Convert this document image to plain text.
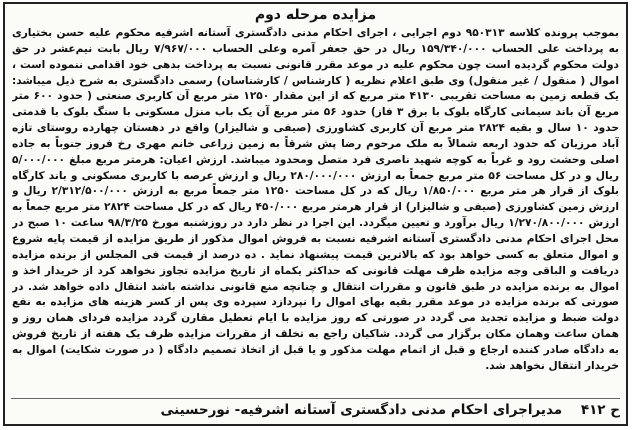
مزایده مرحله دوم

بموجب پرونده کلاسه ۹۵۰۳۱۳ دوم اجرایی ، اجرای احکام مدنی دادگستری آستانه اشرفیه محکوم علیه حسن بختیاری به پرداخت علی الحساب ۱۵۹/۳۴۰/۰۰۰ ریال در حق جعفر آمره وعلی الحساب ۷/۹۶۷/۰۰۰ ریال بابت نیم‌عشر در حق دولت محکوم گردیده است چون محکوم علیه در موعد مقرر قانونی نسبت به پرداخت بدهی خود اقدامی ننموده است ، اموال ( منقول / غیر منقول) وی طبق اعلام نظریه ( کارشناس / کارشناسان) رسمی دادگستری به شرح ذیل میباشد: یک قطعه زمین به مساحت تقریبی ۴۱۳۰ متر مربع که از این مقدار ۱۲۵۰ متر مربع آن کاربری صنعتی ( حدود ۶۰۰ متر مربع آن باند سیمانی کارگاه بلوک با برق ۳ فاز) حدود ۵۶ متر مربع آن یک باب منزل مسکونی با سنگ بلوک با قدمتی حدود ۱۰ سال و بقیه ۲۸۲۴ متر مربع آن کاربری کشاورزی (صیفی و شالیزار) واقع در دهستان چهارده روستای تازه آباد مرزیان که حدود اربعه شمالاً به ملک مرحوم رضا پش شرقاً به زمین زراعی خانم مهری رخ فروز جنوباً به جاده اصلی وحشت رود و غرباً به کوچه شهید ناصری فرد متصل ومحدود میباشد. ارزش اعیان: هرمتر مربع مبلغ ۵/۰۰۰/۰۰۰ ریال و در کل مساحت ۵۶ متر مربع جمعاً به ارزش ۲۸۰/۰۰۰/۰۰۰ ریال و ارزش عرصه با کاربری مسکونی و باند کارگاه بلوک از قرار هر متر مربع ۱/۸۵۰/۰۰۰ ریال که در کل مساحت ۱۲۵۰ متر جمعاً مربع به ارزش ۲/۳۱۲/۵۰۰/۰۰۰ ریال و ارزش زمین کشاورزی (صیفی و شالیزار) از قرار هرمتر مربع ۴۵۰/۰۰۰ ریال که در کل مساحت ۲۸۲۴ متر مربع جمعاً به ارزش ۱/۲۷۰/۸۰۰/۰۰۰ ریال برآورد و تعیین میگردد. این اجرا در نظر دارد در روزشنبه مورخ ۹۸/۳/۲۵ ساعت ۱۰ صبح در محل اجرای احکام مدنی دادگستری آستانه اشرفیه نسبت به فروش اموال مذکور از طریق مزایده از قیمت پایه شروع و اموال متعلق به کسی خواهد بود که بالاترین قیمت پیشنهاد نماید . ده درصد از قیمت فی المجلس از برنده مزایده دریافت و الباقی وجه مزایده ظرف مهلت قانونی که حداکثر یکماه از تاریخ مزایده تجاوز نخواهد کرد از خریدار اخذ و اموال به برنده مزایده در طبق قانون و مقررات انتقال و چنانچه منع قانونی نداشته باشد انتقال داده خواهد شد. در صورتی که برنده مزایده در موعد مقرر بقیه بهای اموال را نپردازد سپرده وی پس از کسر هزینه های مزایده به نفع دولت ضبط و مزایده تجدید می گردد در صورتی که روز مزایده با ایام تعطیل مقارن گردد مزایده فردای همان روز و همان ساعت وهمان مکان برگزار می گردد. شاکیان راجع به تخلف از مقررات مزایده ظرف یک هفته از تاریخ فروش به دادگاه صادر کننده ارجاع و قبل از اتمام مهلت مذکور و یا قبل از اتخاذ تصمیم دادگاه ( در صورت شکایت) اموال به خریدار انتقال نخواهد شد.

ح ۴۱۲ مدیراجرای احکام مدنی دادگستری آستانه اشرفیه- نورحسینی
